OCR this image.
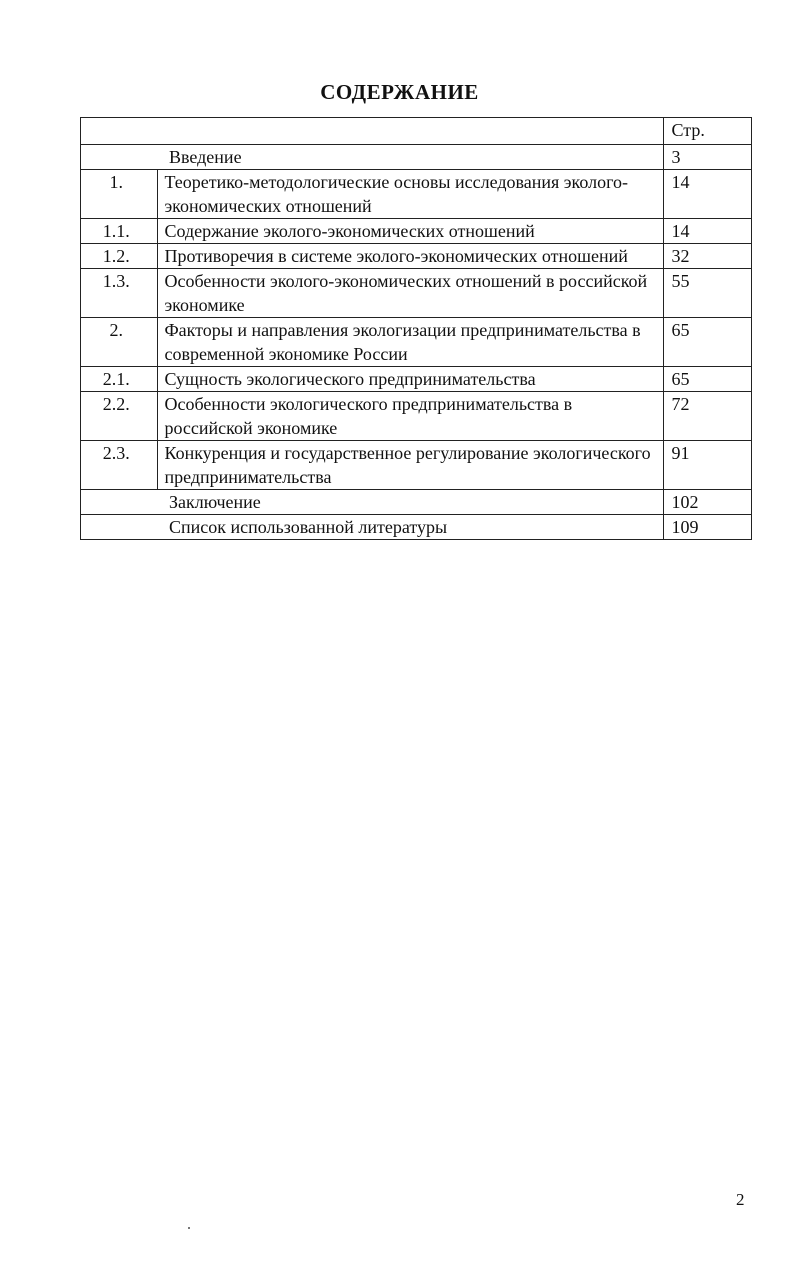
СОДЕРЖАНИЕ
		Стр.
Введение		3
1.	Теоретико-методологические основы исследования эколого-экономических отношений	14
1.1.	Содержание эколого-экономических отношений	14
1.2.	Противоречия в системе эколого-экономических отношений	32
1.3.	Особенности эколого-экономических отношений в российской экономике	55
2.	Факторы и направления экологизации предпринимательства в современной экономике России	65
2.1.	Сущность экологического предпринимательства	65
2.2.	Особенности экологического предпринимательства в российской экономике	72
2.3.	Конкуренция и государственное регулирование экологического предпринимательства	91
Заключение		102
Список использованной литературы		109
2
